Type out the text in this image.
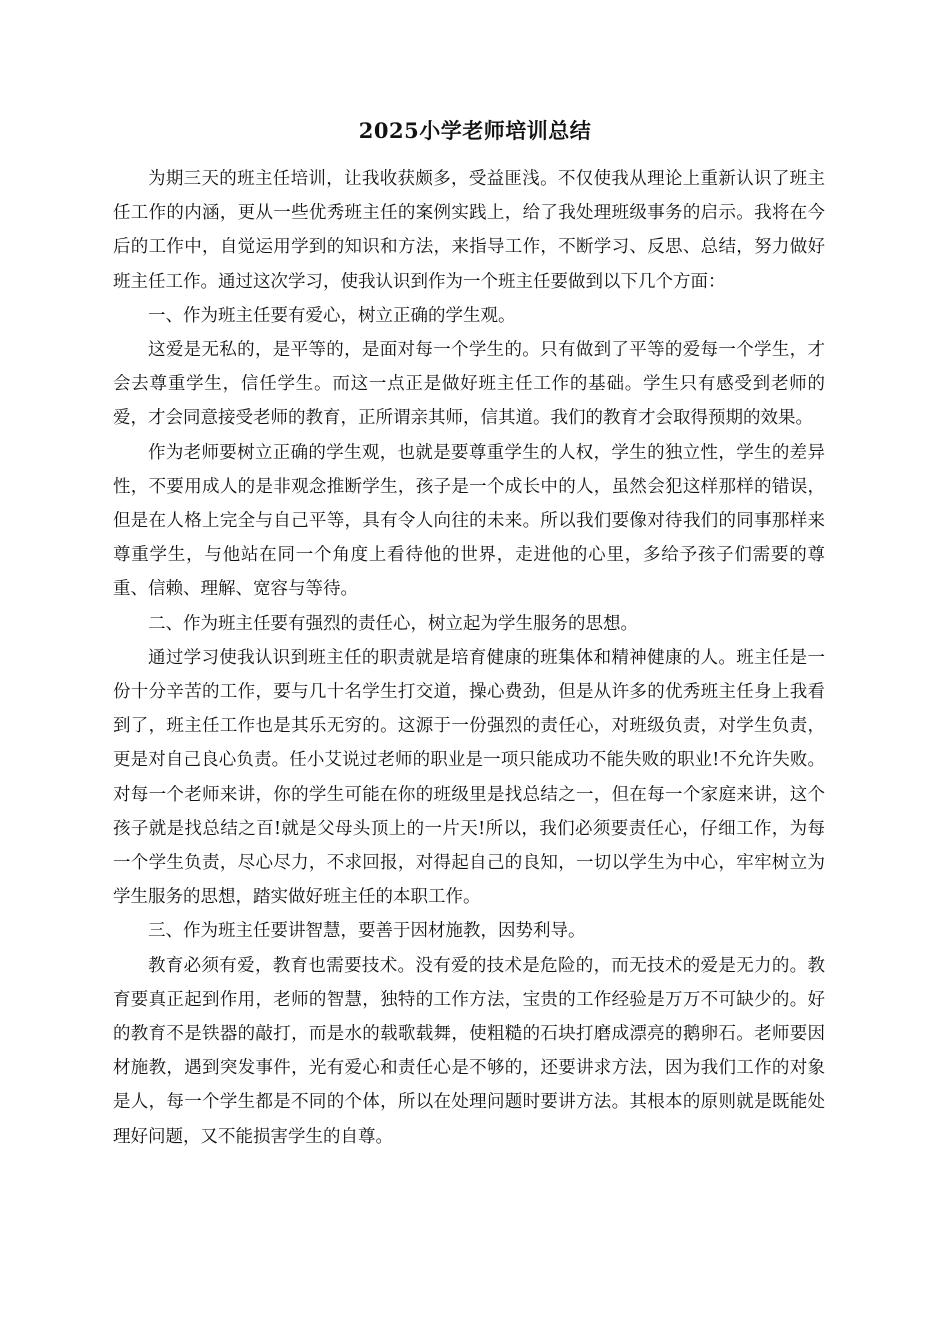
2025小学老师培训总结

为期三天的班主任培训，让我收获颇多，受益匪浅。不仅使我从理论上重新认识了班主任工作的内涵，更从一些优秀班主任的案例实践上，给了我处理班级事务的启示。我将在今后的工作中，自觉运用学到的知识和方法，来指导工作，不断学习、反思、总结，努力做好班主任工作。通过这次学习，使我认识到作为一个班主任要做到以下几个方面：

一、作为班主任要有爱心，树立正确的学生观。

这爱是无私的，是平等的，是面对每一个学生的。只有做到了平等的爱每一个学生，才会去尊重学生，信任学生。而这一点正是做好班主任工作的基础。学生只有感受到老师的爱，才会同意接受老师的教育，正所谓亲其师，信其道。我们的教育才会取得预期的效果。

作为老师要树立正确的学生观，也就是要尊重学生的人权，学生的独立性，学生的差异性，不要用成人的是非观念推断学生，孩子是一个成长中的人，虽然会犯这样那样的错误，但是在人格上完全与自己平等，具有令人向往的未来。所以我们要像对待我们的同事那样来尊重学生，与他站在同一个角度上看待他的世界，走进他的心里，多给予孩子们需要的尊重、信赖、理解、宽容与等待。

二、作为班主任要有强烈的责任心，树立起为学生服务的思想。

通过学习使我认识到班主任的职责就是培育健康的班集体和精神健康的人。班主任是一份十分辛苦的工作，要与几十名学生打交道，操心费劲，但是从许多的优秀班主任身上我看到了，班主任工作也是其乐无穷的。这源于一份强烈的责任心，对班级负责，对学生负责，更是对自己良心负责。任小艾说过老师的职业是一项只能成功不能失败的职业!不允许失败。对每一个老师来讲，你的学生可能在你的班级里是找总结之一，但在每一个家庭来讲，这个孩子就是找总结之百!就是父母头顶上的一片天!所以，我们必须要责任心，仔细工作，为每一个学生负责，尽心尽力，不求回报，对得起自己的良知，一切以学生为中心，牢牢树立为学生服务的思想，踏实做好班主任的本职工作。

三、作为班主任要讲智慧，要善于因材施教，因势利导。

教育必须有爱，教育也需要技术。没有爱的技术是危险的，而无技术的爱是无力的。教育要真正起到作用，老师的智慧，独特的工作方法，宝贵的工作经验是万万不可缺少的。好的教育不是铁器的敲打，而是水的载歌载舞，使粗糙的石块打磨成漂亮的鹅卵石。老师要因材施教，遇到突发事件，光有爱心和责任心是不够的，还要讲求方法，因为我们工作的对象是人，每一个学生都是不同的个体，所以在处理问题时要讲方法。其根本的原则就是既能处理好问题，又不能损害学生的自尊。
